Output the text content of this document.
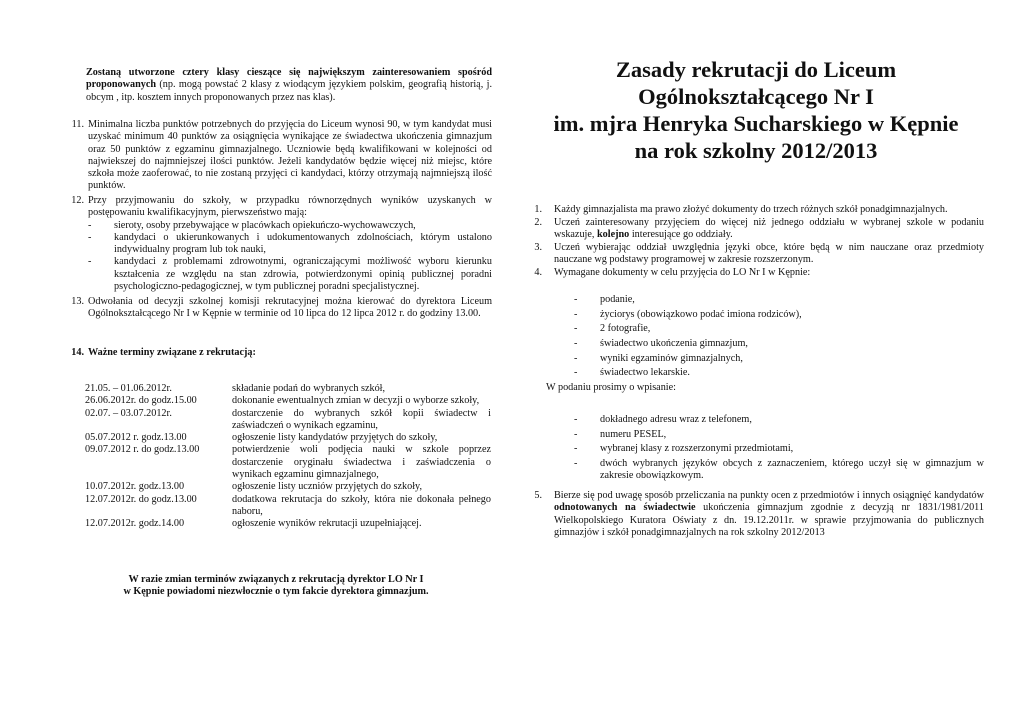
Zostaną utworzone cztery klasy cieszące się największym zainteresowaniem spośród proponowanych (np. mogą powstać 2 klasy z wiodącym językiem polskim, geografią historią, j. obcym , itp. kosztem innych proponowanych przez nas klas).

11. Minimalna liczba punktów potrzebnych do przyjęcia do Liceum wynosi 90, w tym kandydat musi uzyskać minimum 40 punktów za osiągnięcia wynikające ze świadectwa ukończenia gimnazjum oraz 50 punktów z egzaminu gimnazjalnego. Uczniowie będą kwalifikowani w kolejności od najwiekszej do najmniejszej ilości punktów. Jeżeli kandydatów będzie więcej niż miejsc, które szkoła może zaoferować, to nie zostaną przyjęci ci kandydaci, którzy otrzymają najmniejszą ilość punktów.

12. Przy przyjmowaniu do szkoły, w przypadku równorzędnych wyników uzyskanych w postępowaniu kwalifikacyjnym, pierwszeństwo mają:

- sieroty, osoby przebywające w placówkach opiekuńczo-wychowawczych,
- kandydaci o ukierunkowanych i udokumentowanych zdolnościach, którym ustalono indywidualny program lub tok nauki,
- kandydaci z problemami zdrowotnymi, ograniczającymi możliwość wyboru kierunku kształcenia ze względu na stan zdrowia, potwierdzonymi opinią publicznej poradni psychologiczno-pedagogicznej, w tym publicznej poradni specjalistycznej.
13. Odwołania od decyzji szkolnej komisji rekrutacyjnej można kierować do dyrektora Liceum Ogólnokształcącego Nr I w Kępnie w terminie od 10 lipca do 12 lipca 2012 r. do godziny 13.00.

14. Ważne terminy związane z rekrutacją:

21.05. – 01.06.2012r.	składanie podań do wybranych szkół,
26.06.2012r. do godz.15.00	dokonanie ewentualnych zmian w decyzji o wyborze szkoły,
02.07. – 03.07.2012r.	dostarczenie do wybranych szkół kopii świadectw i zaświadczeń o wynikach egzaminu,
05.07.2012 r. godz.13.00	ogłoszenie listy kandydatów przyjętych do szkoły,
09.07.2012 r. do godz.13.00	potwierdzenie woli podjęcia nauki w szkole poprzez dostarczenie oryginału świadectwa i zaświadczenia o wynikach egzaminu gimnazjalnego,
10.07.2012r. godz.13.00	ogłoszenie listy uczniów przyjętych do szkoły,
12.07.2012r. do godz.13.00	dodatkowa rekrutacja do szkoły, która nie dokonała pełnego naboru,
12.07.2012r. godz.14.00	ogłoszenie wyników rekrutacji uzupełniającej.
W razie zmian terminów związanych z rekrutacją dyrektor LO Nr I
w Kępnie powiadomi niezwłocznie o tym fakcie dyrektora gimnazjum.
Zasady rekrutacji do Liceum
Ogólnokształcącego Nr I
im. mjra Henryka Sucharskiego w Kępnie
na rok szkolny 2012/2013
1. Każdy gimnazjalista ma prawo złożyć dokumenty do trzech różnych szkół ponadgimnazjalnych.

2. Uczeń zainteresowany przyjęciem do więcej niż jednego oddziału w wybranej szkole w podaniu wskazuje, kolejno interesujące go oddziały.

3. Uczeń wybierając oddział uwzględnia języki obce, które będą w nim nauczane oraz przedmioty nauczane wg podstawy programowej w zakresie rozszerzonym.

4. Wymagane dokumenty w celu przyjęcia do LO Nr I w Kępnie:

- podanie,
- życiorys (obowiązkowo podać imiona rodziców),
- 2 fotografie,
- świadectwo ukończenia gimnazjum,
- wyniki egzaminów gimnazjalnych,
- świadectwo lekarskie.

W podaniu prosimy o wpisanie:

- dokładnego adresu wraz z telefonem,
- numeru PESEL,
- wybranej klasy z rozszerzonymi przedmiotami,
- dwóch wybranych języków obcych z zaznaczeniem, którego uczył się w gimnazjum w zakresie obowiązkowym.
5. Bierze się pod uwagę sposób przeliczania na punkty ocen z przedmiotów i innych osiągnięć kandydatów odnotowanych na świadectwie ukończenia gimnazjum zgodnie z decyzją nr 1831/1981/2011 Wielkopolskiego Kuratora Oświaty z dn. 19.12.2011r. w sprawie przyjmowania do publicznych gimnazjów i szkół ponadgimnazjalnych na rok szkolny 2012/2013
